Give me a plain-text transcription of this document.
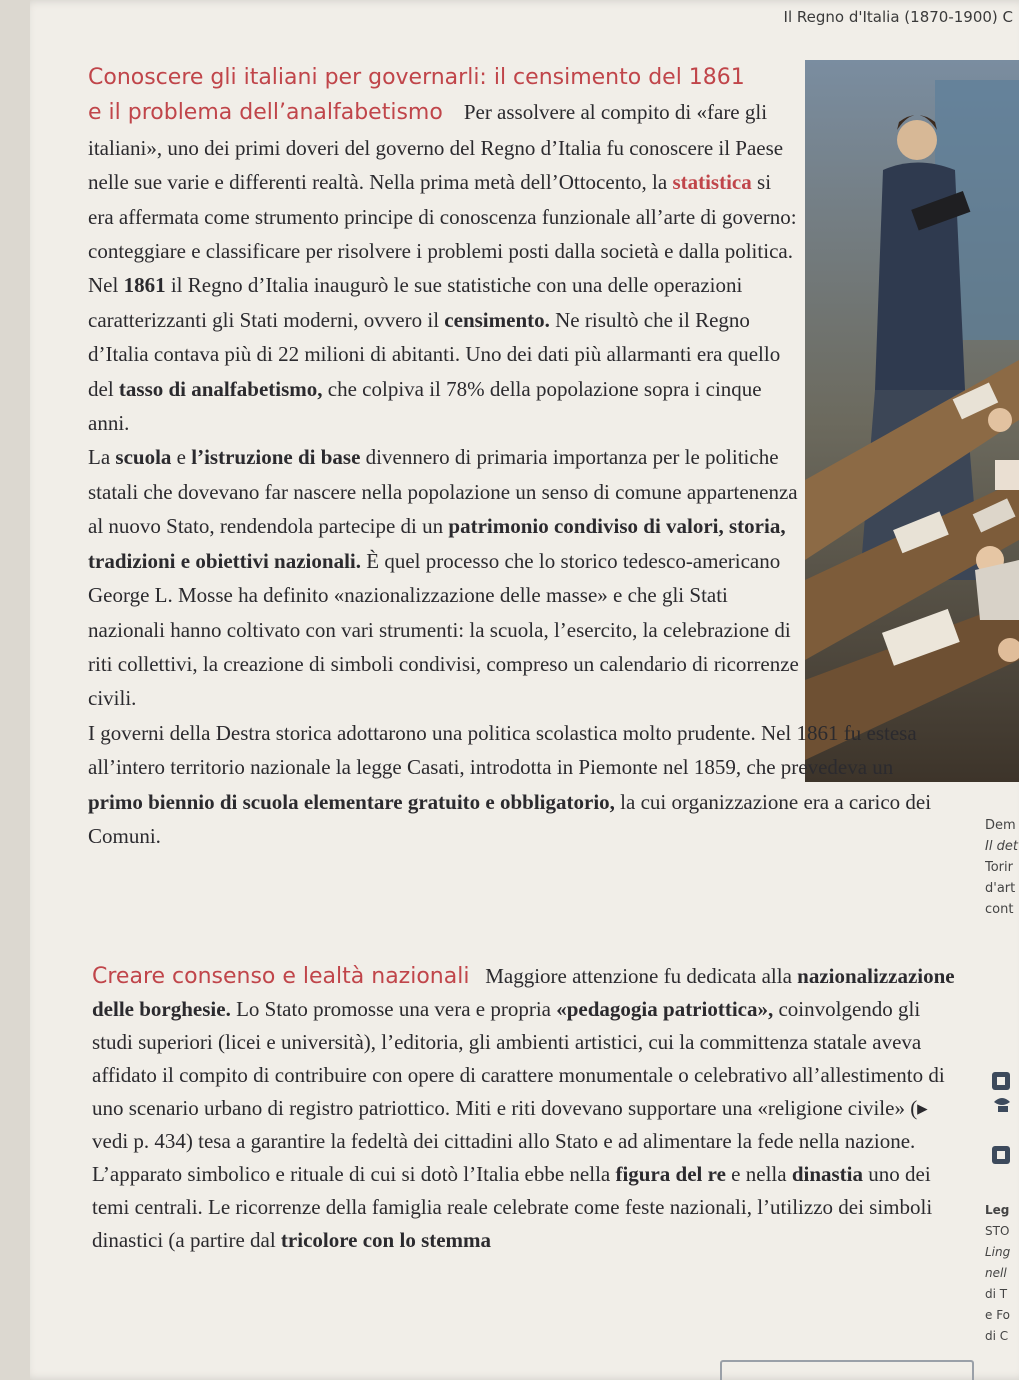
Il Regno d'Italia (1870-1900) C

Conoscere gli italiani per governarli: il censimento del 1861
e il problema dell’analfabetismo Per assolvere al compito di «fare gli italiani», uno dei primi doveri del governo del Regno d’Italia fu conoscere il Paese nelle sue varie e differenti realtà. Nella prima metà dell’Ottocento, la statistica si era affermata come strumento principe di conoscenza funzionale all’arte di governo: conteggiare e classificare per risolvere i problemi posti dalla società e dalla politica. Nel 1861 il Regno d’Italia inaugurò le sue statistiche con una delle operazioni caratterizzanti gli Stati moderni, ovvero il censimento. Ne risultò che il Regno d’Italia contava più di 22 milioni di abitanti. Uno dei dati più allarmanti era quello del tasso di analfabetismo, che colpiva il 78% della popolazione sopra i cinque anni.

La scuola e l’istruzione di base divennero di primaria importanza per le politiche statali che dovevano far nascere nella popolazione un senso di comune appartenenza al nuovo Stato, rendendola partecipe di un patrimonio condiviso di valori, storia, tradizioni e obiettivi nazionali. È quel processo che lo storico tedesco-americano George L. Mosse ha definito «nazionalizzazione delle masse» e che gli Stati nazionali hanno coltivato con vari strumenti: la scuola, l’esercito, la celebrazione di riti collettivi, la creazione di simboli condivisi, compreso un calendario di ricorrenze civili.

I governi della Destra storica adottarono una politica scolastica molto prudente. Nel 1861 fu estesa all’intero territorio nazionale la legge Casati, introdotta in Piemonte nel 1859, che prevedeva un primo biennio di scuola elementare gratuito e obbligatorio, la cui organizzazione era a carico dei Comuni.

Creare consenso e lealtà nazionali Maggiore attenzione fu dedicata alla nazionalizzazione delle borghesie. Lo Stato promosse una vera e propria «pedagogia patriottica», coinvolgendo gli studi superiori (licei e università), l’editoria, gli ambienti artistici, cui la committenza statale aveva affidato il compito di contribuire con opere di carattere monumentale o celebrativo all’allestimento di uno scenario urbano di registro patriottico. Miti e riti dovevano supportare una «religione civile» (▸ vedi p. 434) tesa a garantire la fedeltà dei cittadini allo Stato e ad alimentare la fede nella nazione.

L’apparato simbolico e rituale di cui si dotò l’Italia ebbe nella figura del re e nella dinastia uno dei temi centrali. Le ricorrenze della famiglia reale celebrate come feste nazionali, l’utilizzo dei simboli dinastici (a partire dal tricolore con lo stemma

Dem
Il det
Torir
d'art
cont
Leg
STO
Ling
nell
di T
e Fo
di C
